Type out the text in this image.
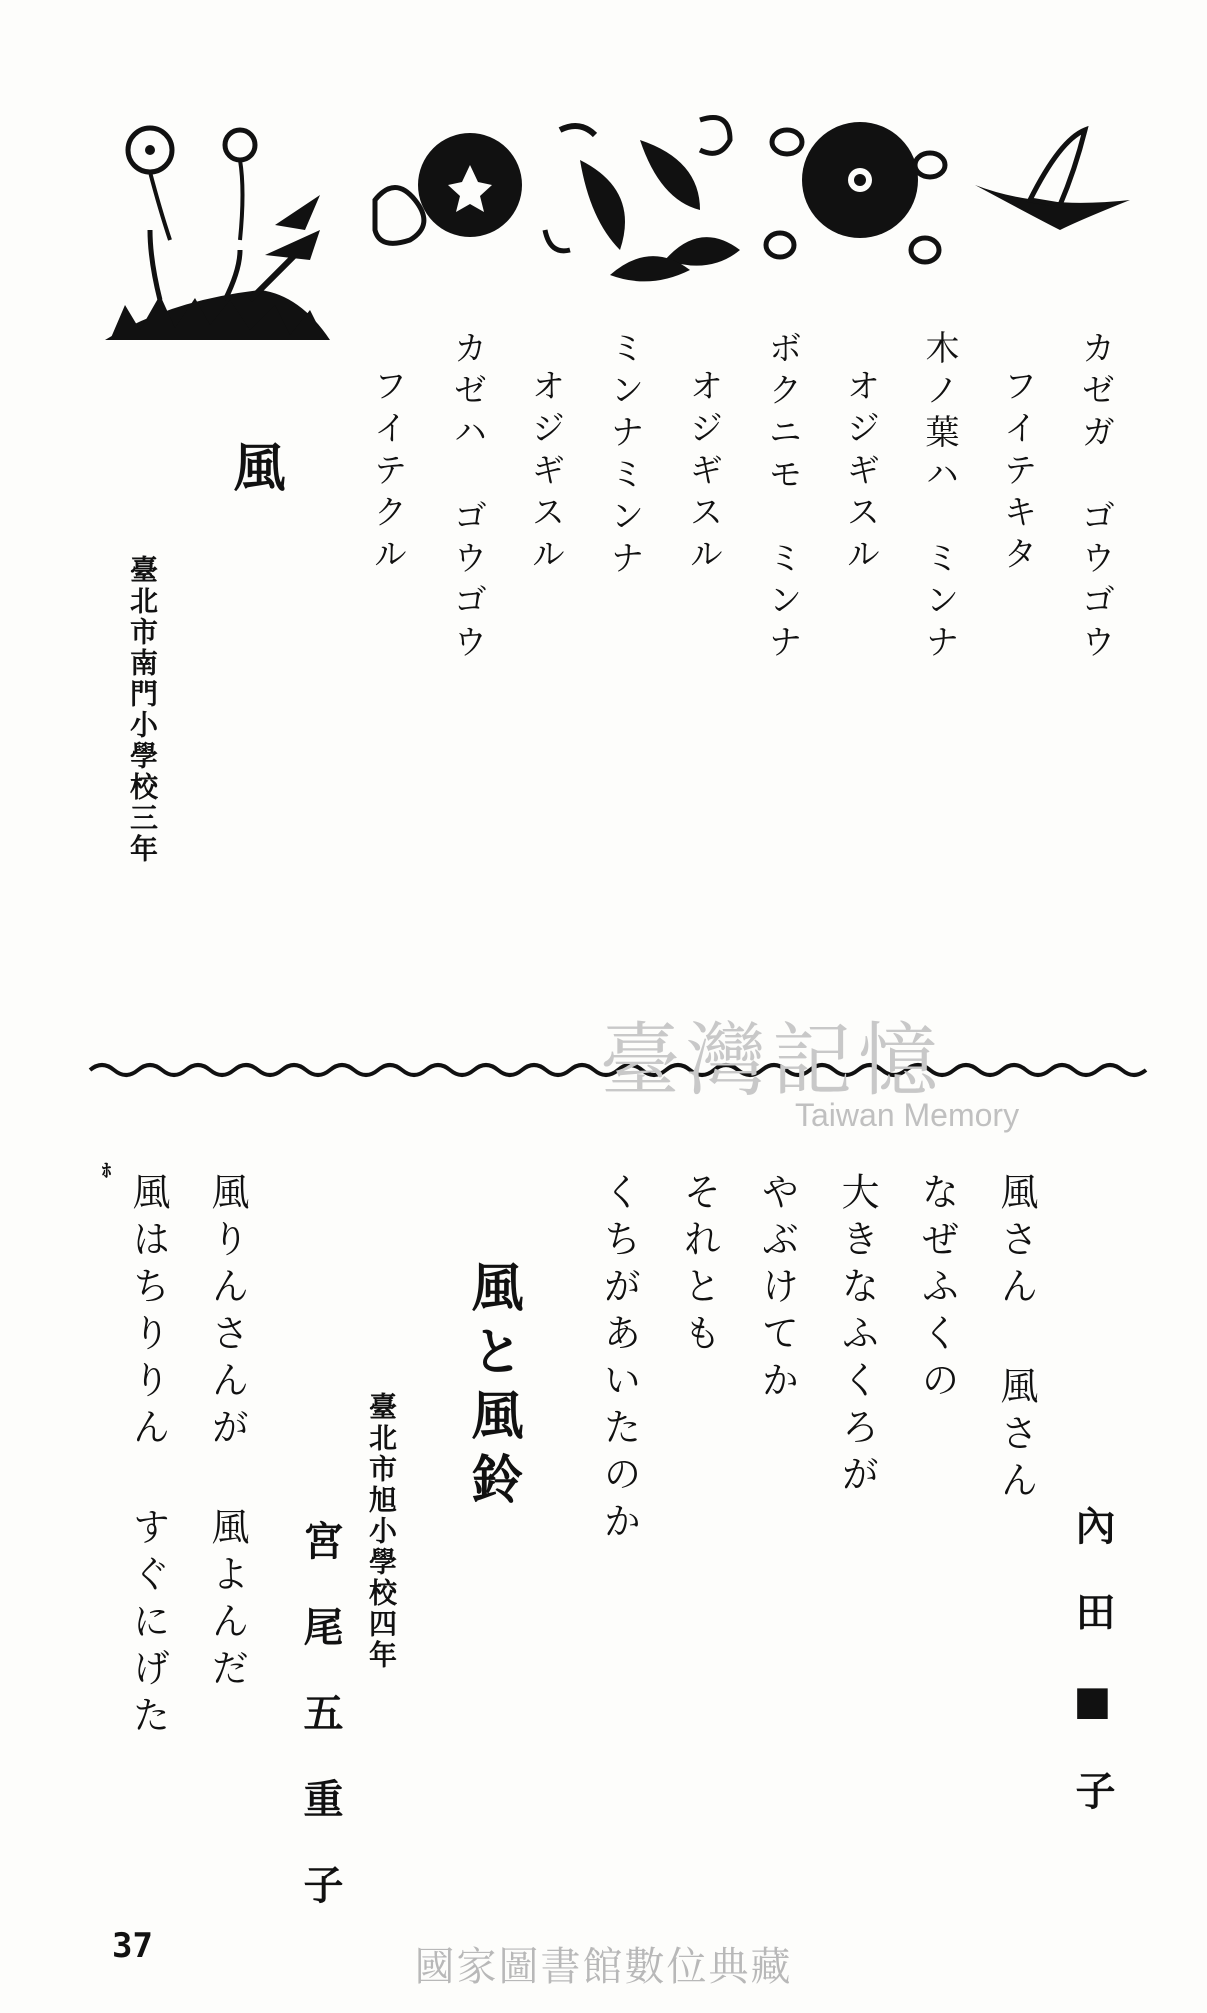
カゼガ　ゴウゴウ
フイテキタ
木ノ葉ハ　ミンナ
オジギスル
ボクニモ　ミンナ
オジギスル
ミンナミンナ
オジギスル
カゼハ　ゴウゴウ
フイテクル
風
臺北市南門小學校三年
臺灣記憶
Taiwan Memory
風さん 風さん
なぜふくの
大きなふくろが
やぶけてか
それとも
くちがあいたのか
內田■子
風と風鈴
臺北市旭小學校四年
宮尾五重子
風りんさんが 風よんだ
風はちりりん すぐにげた
ﾎ
37	國家圖書館數位典藏
